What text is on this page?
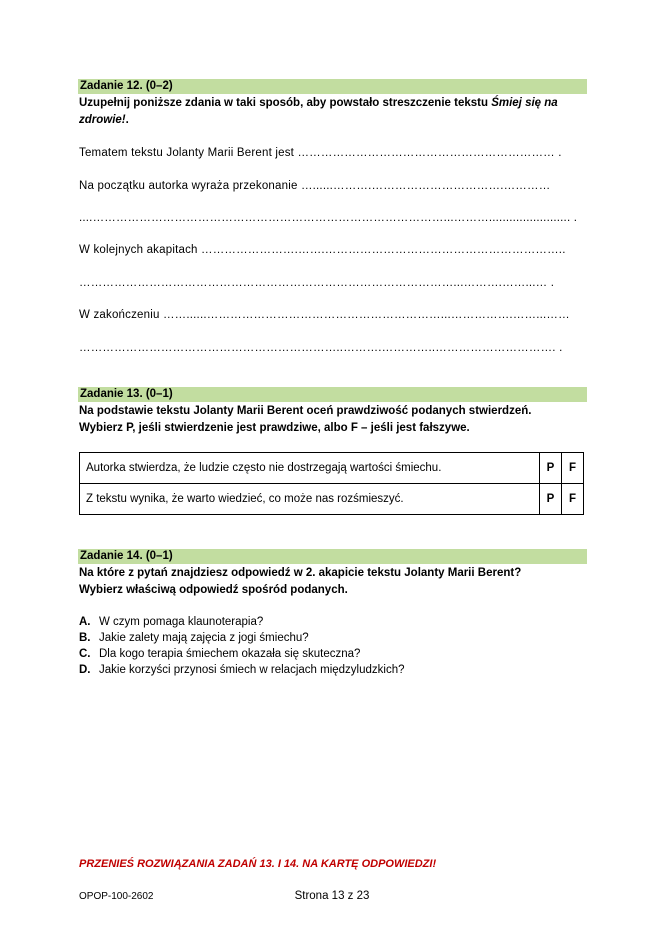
Zadanie 12. (0–2)
Uzupełnij poniższe zdania w taki sposób, aby powstało streszczenie tekstu Śmiej się na zdrowie!.
Tematem tekstu Jolanty Marii Berent jest ………………………………………………………… .
Na początku autorka wyraża przekonanie …......……….…………………………….…………
....………………………………………………………………………………...………........................ .
W kolejnych akapitach …………………….…….……………………………………………………..
……………………………………………………………………………………...……….……...… .
W zakończeniu ……......……………………………………………………...…………….……...……
…………………………………………………………..……….…………..…………………………. .
Zadanie 13. (0–1)
Na podstawie tekstu Jolanty Marii Berent oceń prawdziwość podanych stwierdzeń.
Wybierz P, jeśli stwierdzenie jest prawdziwe, albo F – jeśli jest fałszywe.
Autorka stwierdza, że ludzie często nie dostrzegają wartości śmiechu.	P	F
Z tekstu wynika, że warto wiedzieć, co może nas rozśmieszyć.	P	F
Zadanie 14. (0–1)
Na które z pytań znajdziesz odpowiedź w 2. akapicie tekstu Jolanty Marii Berent?
Wybierz właściwą odpowiedź spośród podanych.
A. W czym pomaga klaunoterapia?
B. Jakie zalety mają zajęcia z jogi śmiechu?
C. Dla kogo terapia śmiechem okazała się skuteczna?
D. Jakie korzyści przynosi śmiech w relacjach międzyludzkich?
PRZENIEŚ ROZWIĄZANIA ZADAŃ 13. I 14. NA KARTĘ ODPOWIEDZI!
OPOP-100-2602	Strona 13 z 23
